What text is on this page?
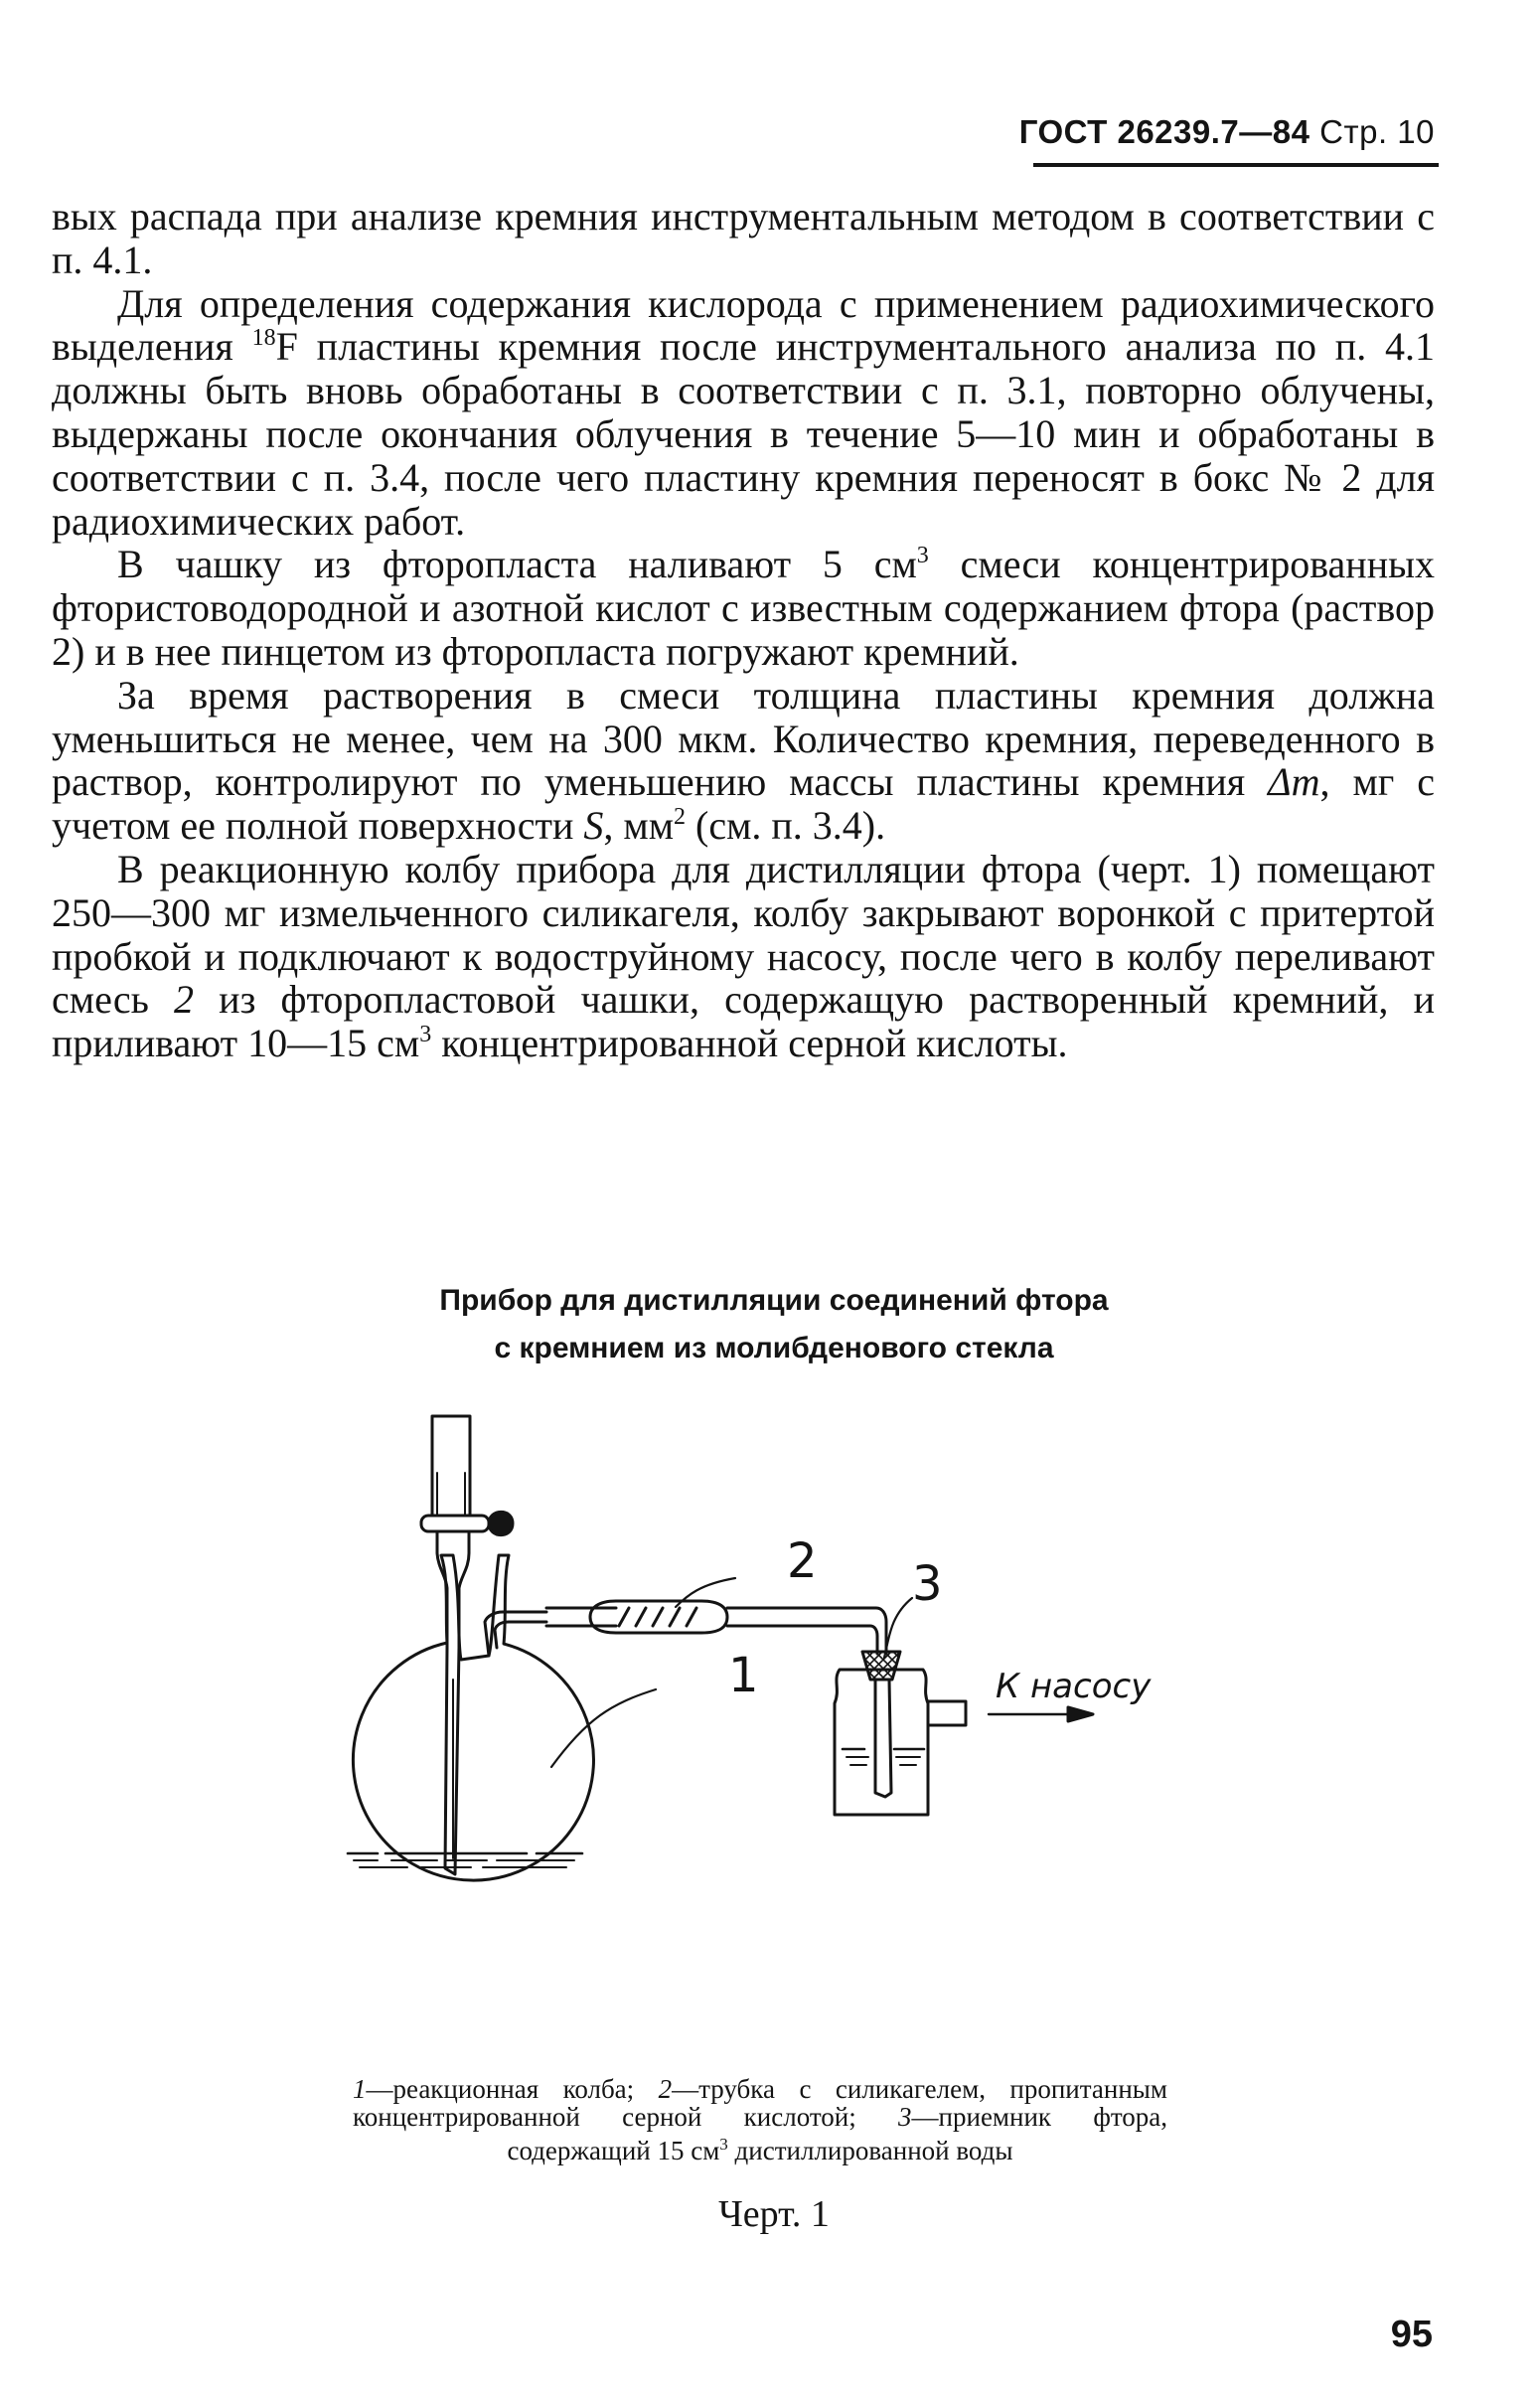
ГОСТ 26239.7—84 Стр. 10

вых распада при анализе кремния инструментальным методом в соответствии с п. 4.1.

Для определения содержания кислорода с применением радиохимического выделения $^{18}$F пластины кремния после инструментального анализа по п. 4.1 должны быть вновь обработаны в соответствии с п. 3.1, повторно облучены, выдержаны после окончания облучения в течение 5—10 мин и обработаны в соответствии с п. 3.4, после чего пластину кремния переносят в бокс № 2 для радиохимических работ.

В чашку из фторопласта наливают 5 $см^3$ смеси концентрированных фтористоводородной и азотной кислот с известным содержанием фтора (раствор 2) и в нее пинцетом из фторопласта погружают кремний.

За время растворения в смеси толщина пластины кремния должна уменьшиться не менее, чем на 300 мкм. Количество кремния, переведенного в раствор, контролируют по уменьшению массы пластины кремния Δm, мг с учетом ее полной поверхности S, $мм^2$ (см. п. 3.4).

В реакционную колбу прибора для дистилляции фтора (черт. 1) помещают 250—300 мг измельченного силикагеля, колбу закрывают воронкой с притертой пробкой и подключают к водоструйному насосу, после чего в колбу переливают смесь 2 из фторопластовой чашки, содержащую растворенный кремний, и приливают 10—15 $см^3$ концентрированной серной кислоты.

Прибор для дистилляции соединений фтора
с кремнием из молибденового стекла
1
2 3
К насосу
1—реакционная колба; 2—трубка с силикагелем, пропитанным концентрированной серной кислотой; 3—приемник фтора, содержащий 15 $см^3$ дистиллированной воды
Черт. 1
95
